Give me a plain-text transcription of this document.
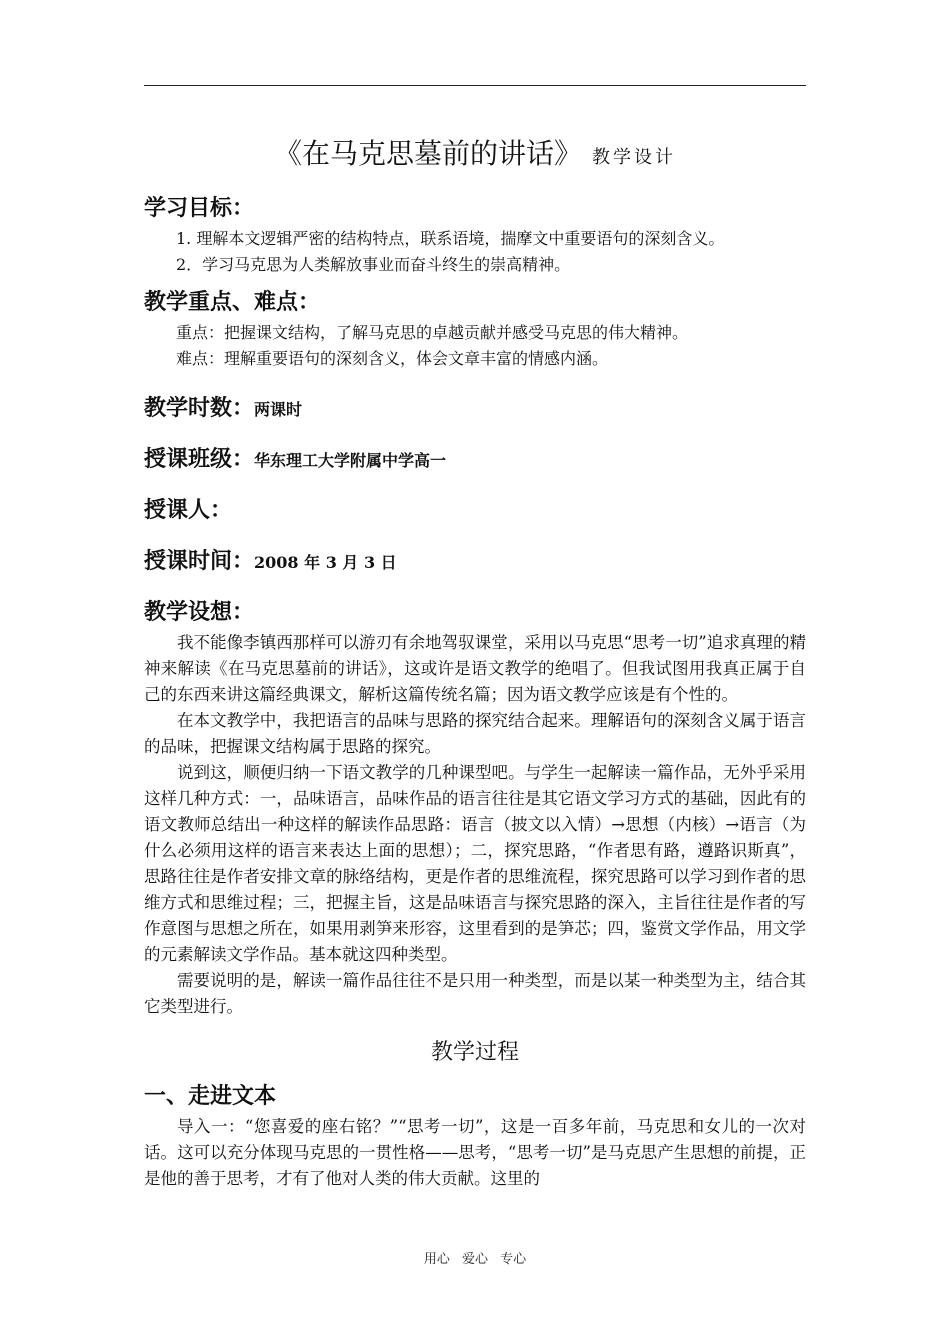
《在马克思墓前的讲话》 教学设计
学习目标：

1. 理解本文逻辑严密的结构特点，联系语境，揣摩文中重要语句的深刻含义。

2．学习马克思为人类解放事业而奋斗终生的崇高精神。

教学重点、难点：

重点：把握课文结构，了解马克思的卓越贡献并感受马克思的伟大精神。

难点：理解重要语句的深刻含义，体会文章丰富的情感内涵。

教学时数：两课时
授课班级：华东理工大学附属中学高一
授课人：
授课时间：2008 年 3 月 3 日
教学设想：

我不能像李镇西那样可以游刃有余地驾驭课堂，采用以马克思“思考一切”追求真理的精神来解读《在马克思墓前的讲话》，这或许是语文教学的绝唱了。但我试图用我真正属于自己的东西来讲这篇经典课文，解析这篇传统名篇；因为语文教学应该是有个性的。

在本文教学中，我把语言的品味与思路的探究结合起来。理解语句的深刻含义属于语言的品味，把握课文结构属于思路的探究。

说到这，顺便归纳一下语文教学的几种课型吧。与学生一起解读一篇作品，无外乎采用这样几种方式：一，品味语言，品味作品的语言往往是其它语文学习方式的基础，因此有的语文教师总结出一种这样的解读作品思路：语言（披文以入情）→思想（内核）→语言（为什么必须用这样的语言来表达上面的思想）；二，探究思路，“作者思有路，遵路识斯真”，思路往往是作者安排文章的脉络结构，更是作者的思维流程，探究思路可以学习到作者的思维方式和思维过程；三，把握主旨，这是品味语言与探究思路的深入，主旨往往是作者的写作意图与思想之所在，如果用剥笋来形容，这里看到的是笋芯；四，鉴赏文学作品，用文学的元素解读文学作品。基本就这四种类型。

需要说明的是，解读一篇作品往往不是只用一种类型，而是以某一种类型为主，结合其它类型进行。

教学过程
一、走进文本

导入一：“您喜爱的座右铭？”“思考一切”，这是一百多年前，马克思和女儿的一次对话。这可以充分体现马克思的一贯性格——思考，“思考一切”是马克思产生思想的前提，正是他的善于思考，才有了他对人类的伟大贡献。这里的

用心 爱心 专心
